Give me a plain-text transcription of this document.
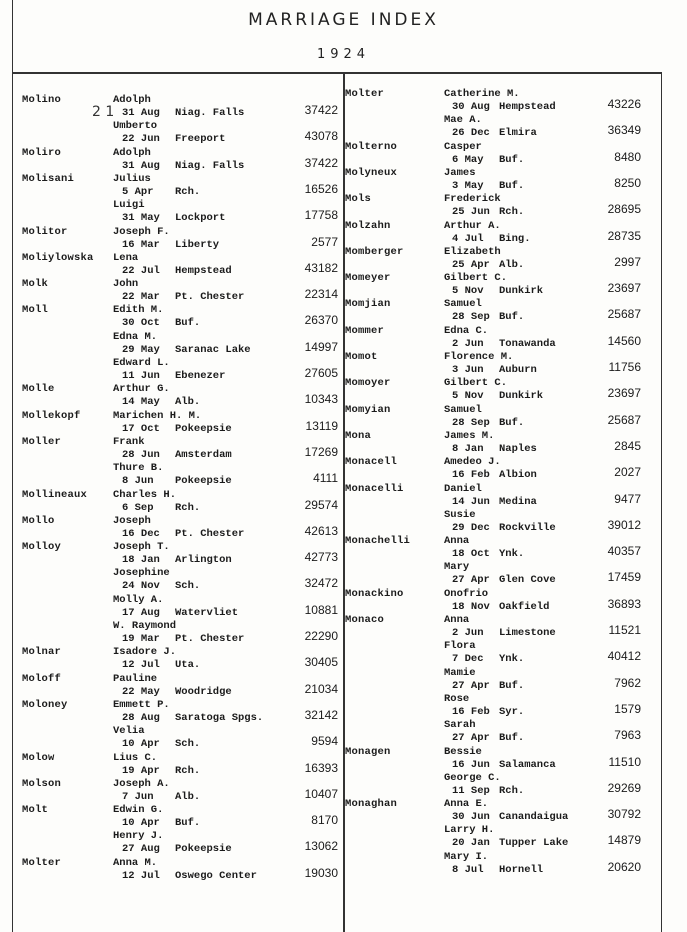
MARRIAGE INDEX
1924
2 1
Molino	Adolph
31 Aug Niag. Falls	37422
Umberto
22 Jun Freeport	43078
Moliro	Adolph
31 Aug Niag. Falls	37422
Molisani	Julius
5 Apr Rch.	16526
Luigi
31 May Lockport	17758
Molitor	Joseph F.
16 Mar Liberty	2577
Moliylowska Lena
22 Jul Hempstead	43182
Molk	John
22 Mar Pt. Chester	22314
Moll	Edith M.
30 Oct Buf.	26370
Edna M.
29 May Saranac Lake	14997
Edward L.
11 Jun Ebenezer	27605
Molle	Arthur G.
14 May Alb.	10343
Mollekopf	Marichen H. M.
17 Oct Pokeepsie	13119
Moller	Frank
28 Jun Amsterdam	17269
Thure B.
8 Jun Pokeepsie	4111
Mollineaux Charles H.
6 Sep Rch.	29574
Mollo	Joseph
16 Dec Pt. Chester	42613
Molloy	Joseph T.
18 Jan Arlington	42773
Josephine
24 Nov Sch.	32472
Molly A.
17 Aug Watervliet	10881
W. Raymond
19 Mar Pt. Chester	22290
Molnar	Isadore J.
12 Jul Uta.	30405
Moloff	Pauline
22 May Woodridge	21034
Moloney	Emmett P.
28 Aug Saratoga Spgs.	32142
Velia
10 Apr Sch.	9594
Molow	Lius C.
19 Apr Rch.	16393
Molson	Joseph A.
7 Jun Alb.	10407
Molt	Edwin G.
10 Apr Buf.	8170
Henry J.
27 Aug Pokeepsie	13062
Molter	Anna M.
12 Jul Oswego Center	19030
Molter	Catherine M.
30 Aug Hempstead	43226
Mae A.
26 Dec Elmira	36349
Molterno	Casper
6 May Buf.	8480
Molyneux	James
3 May Buf.	8250
Mols	Frederick
25 Jun Rch.	28695
Molzahn	Arthur A.
4 Jul Bing.	28735
Momberger	Elizabeth
25 Apr Alb.	2997
Momeyer	Gilbert C.
5 Nov Dunkirk	23697
Momjian	Samuel
28 Sep Buf.	25687
Mommer	Edna C.
2 Jun Tonawanda	14560
Momot	Florence M.
3 Jun Auburn	11756
Momoyer	Gilbert C.
5 Nov Dunkirk	23697
Momyian	Samuel
28 Sep Buf.	25687
Mona	James M.
8 Jan Naples	2845
Monacell	Amedeo J.
16 Feb Albion	2027
Monacelli	Daniel
14 Jun Medina	9477
Susie
29 Dec Rockville	39012
Monachelli	Anna
18 Oct Ynk.	40357
Mary
27 Apr Glen Cove	17459
Monackino	Onofrio
18 Nov Oakfield	36893
Monaco	Anna
2 Jun Limestone	11521
Flora
7 Dec Ynk.	40412
Mamie
27 Apr Buf.	7962
Rose
16 Feb Syr.	1579
Sarah
27 Apr Buf.	7963
Monagen	Bessie
16 Jun Salamanca	11510
George C.
11 Sep Rch.	29269
Monaghan	Anna E.
30 Jun Canandaigua	30792
Larry H.
20 Jan Tupper Lake	14879
Mary I.
8 Jul Hornell	20620
